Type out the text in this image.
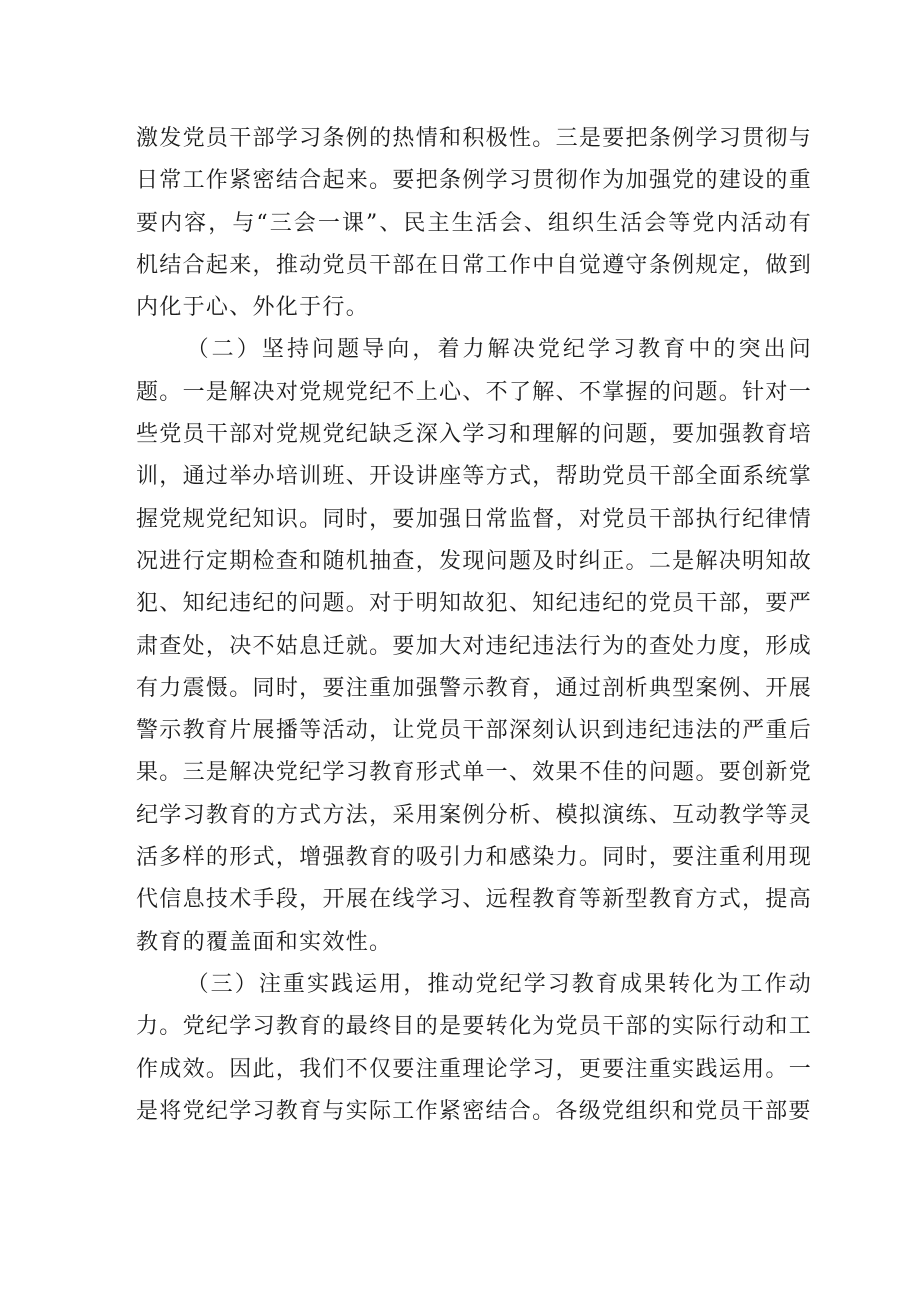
激发党员干部学习条例的热情和积极性。三是要把条例学习贯彻与日常工作紧密结合起来。要把条例学习贯彻作为加强党的建设的重要内容，与“三会一课”、民主生活会、组织生活会等党内活动有机结合起来，推动党员干部在日常工作中自觉遵守条例规定，做到内化于心、外化于行。

（二）坚持问题导向，着力解决党纪学习教育中的突出问题。一是解决对党规党纪不上心、不了解、不掌握的问题。针对一些党员干部对党规党纪缺乏深入学习和理解的问题，要加强教育培训，通过举办培训班、开设讲座等方式，帮助党员干部全面系统掌握党规党纪知识。同时，要加强日常监督，对党员干部执行纪律情况进行定期检查和随机抽查，发现问题及时纠正。二是解决明知故犯、知纪违纪的问题。对于明知故犯、知纪违纪的党员干部，要严肃查处，决不姑息迁就。要加大对违纪违法行为的查处力度，形成有力震慑。同时，要注重加强警示教育，通过剖析典型案例、开展警示教育片展播等活动，让党员干部深刻认识到违纪违法的严重后果。三是解决党纪学习教育形式单一、效果不佳的问题。要创新党纪学习教育的方式方法，采用案例分析、模拟演练、互动教学等灵活多样的形式，增强教育的吸引力和感染力。同时，要注重利用现代信息技术手段，开展在线学习、远程教育等新型教育方式，提高教育的覆盖面和实效性。

（三）注重实践运用，推动党纪学习教育成果转化为工作动力。党纪学习教育的最终目的是要转化为党员干部的实际行动和工作成效。因此，我们不仅要注重理论学习，更要注重实践运用。一是将党纪学习教育与实际工作紧密结合。各级党组织和党员干部要
